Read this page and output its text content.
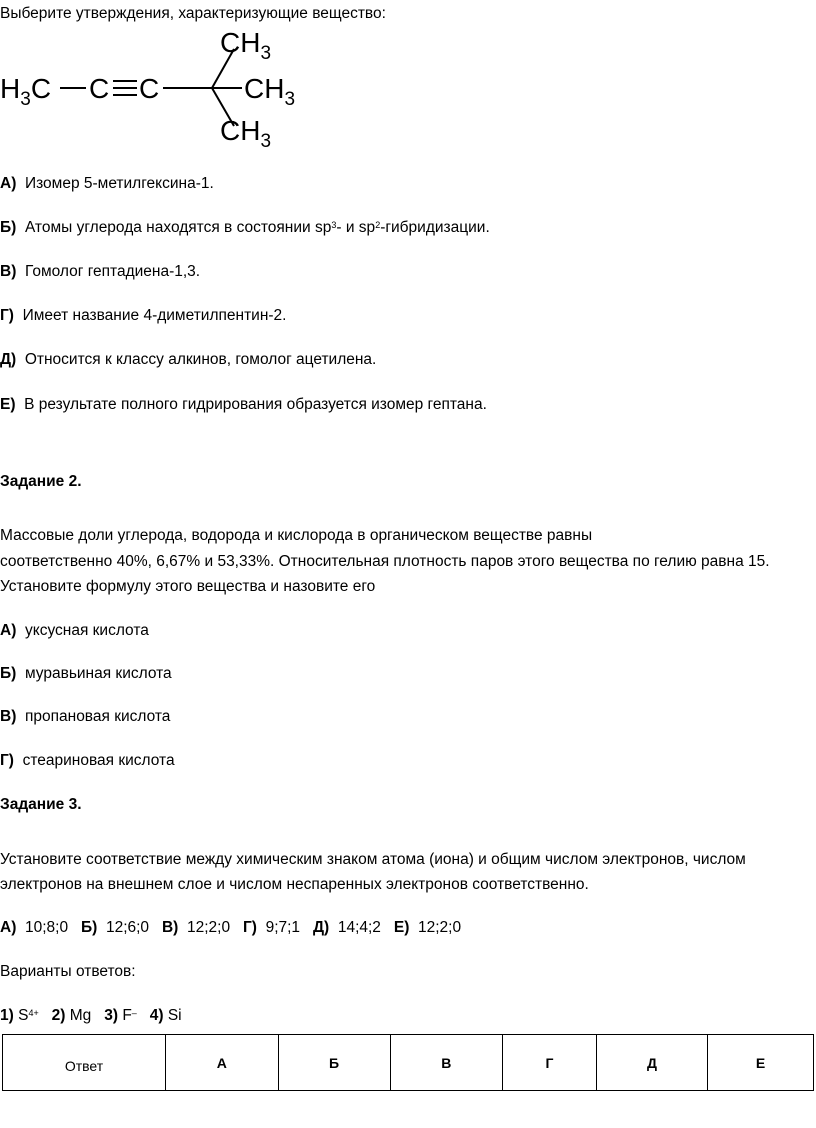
Выберите утверждения, характеризующие вещество:
$H_3C$ C C
$CH_3$
$CH_3$
$CH_3$
А) Изомер 5-метилгексина-1.
Б) Атомы углерода находятся в состоянии $sp^3-$ и $sp^2$-гибридизации.
В) Гомолог гептадиена-1,3.
Г) Имеет название 4-диметилпентин-2.
Д) Относится к классу алкинов, гомолог ацетилена.
Е) В результате полного гидрирования образуется изомер гептана.
Задание 2.
Массовые доли углерода, водорода и кислорода в органическом веществе равны
соответственно 40%, 6,67% и 53,33%. Относительная плотность паров этого вещества по гелию равна 15.
Установите формулу этого вещества и назовите его
А) уксусная кислота
Б) муравьиная кислота
В) пропановая кислота
Г) стеариновая кислота
Задание 3.
Установите соответствие между химическим знаком атома (иона) и общим числом электронов, числом
электронов на внешнем слое и числом неспаренных электронов соответственно.
А) 10;8;0 Б) 12;6;0 В) 12;2;0 Г) 9;7;1 Д) 14;4;2 Е) 12;2;0
Варианты ответов:
1) $S^{4+}$ 2) Mg 3) F– 4) Si
Ответ	А	Б	В	Г	Д	Е
